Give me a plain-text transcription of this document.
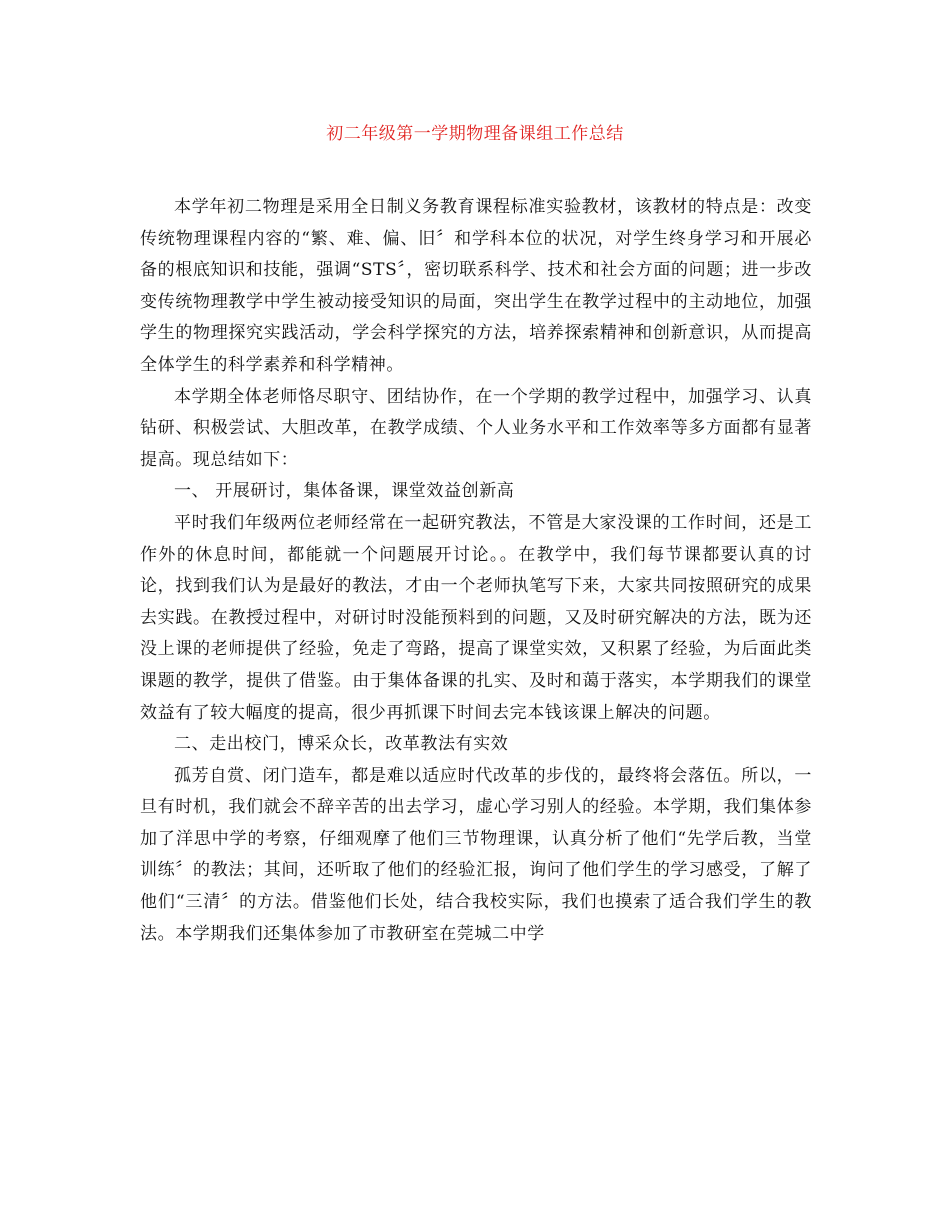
初二年级第一学期物理备课组工作总结

本学年初二物理是采用全日制义务教育课程标准实验教材，该教材的特点是：改变传统物理课程内容的“繁、难、偏、旧〞和学科本位的状况，对学生终身学习和开展必备的根底知识和技能，强调“STS〞，密切联系科学、技术和社会方面的问题；进一步改变传统物理教学中学生被动接受知识的局面，突出学生在教学过程中的主动地位，加强学生的物理探究实践活动，学会科学探究的方法，培养探索精神和创新意识，从而提高全体学生的科学素养和科学精神。

本学期全体老师恪尽职守、团结协作，在一个学期的教学过程中，加强学习、认真钻研、积极尝试、大胆改革，在教学成绩、个人业务水平和工作效率等多方面都有显著提高。现总结如下：

一、 开展研讨，集体备课，课堂效益创新高

平时我们年级两位老师经常在一起研究教法，不管是大家没课的工作时间，还是工作外的休息时间，都能就一个问题展开讨论。。在教学中，我们每节课都要认真的讨论，找到我们认为是最好的教法，才由一个老师执笔写下来，大家共同按照研究的成果去实践。在教授过程中，对研讨时没能预料到的问题，又及时研究解决的方法，既为还没上课的老师提供了经验，免走了弯路，提高了课堂实效，又积累了经验，为后面此类课题的教学，提供了借鉴。由于集体备课的扎实、及时和蔼于落实，本学期我们的课堂效益有了较大幅度的提高，很少再抓课下时间去完本钱该课上解决的问题。

二、走出校门，博采众长，改革教法有实效

孤芳自赏、闭门造车，都是难以适应时代改革的步伐的，最终将会落伍。所以，一旦有时机，我们就会不辞辛苦的出去学习，虚心学习别人的经验。本学期，我们集体参加了洋思中学的考察，仔细观摩了他们三节物理课，认真分析了他们“先学后教，当堂训练〞的教法；其间，还听取了他们的经验汇报，询问了他们学生的学习感受，了解了他们“三清〞的方法。借鉴他们长处，结合我校实际，我们也摸索了适合我们学生的教法。本学期我们还集体参加了市教研室在莞城二中学
